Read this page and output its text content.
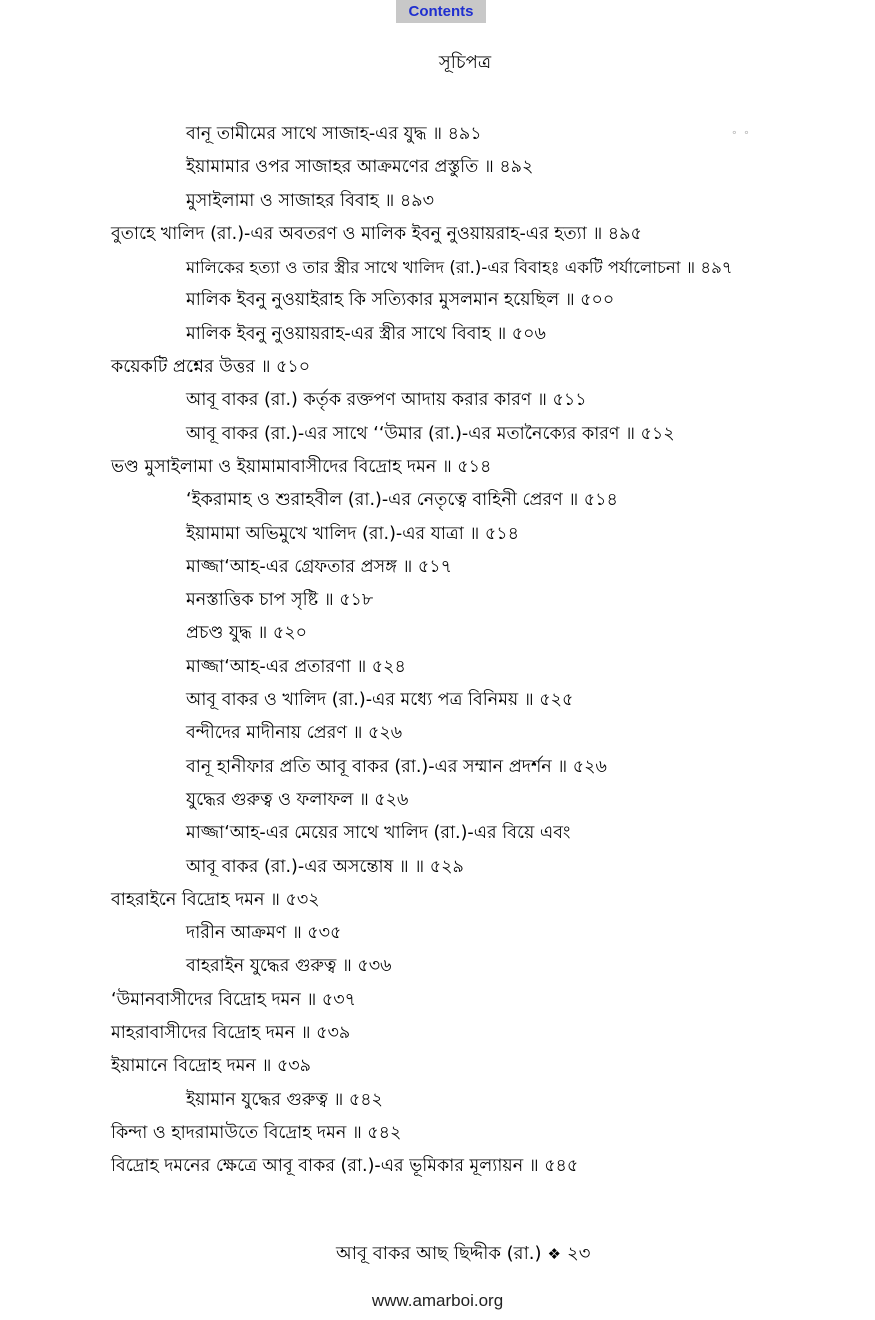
Contents
সূচিপত্র
॰ ॰
বানূ তামীমের সাথে সাজাহ-এর যুদ্ধ ॥ ৪৯১
ইয়ামামার ওপর সাজাহর আক্রমণের প্রস্তুতি ॥ ৪৯২
মুসাইলামা ও সাজাহর বিবাহ ॥ ৪৯৩
বুতাহে খালিদ (রা.)-এর অবতরণ ও মালিক ইবনু নুওয়ায়রাহ-এর হত্যা ॥ ৪৯৫
মালিকের হত্যা ও তার স্ত্রীর সাথে খালিদ (রা.)-এর বিবাহঃ একটি পর্যালোচনা ॥ ৪৯৭
মালিক ইবনু নুওয়াইরাহ কি সত্যিকার মুসলমান হয়েছিল ॥ ৫০০
মালিক ইবনু নুওয়ায়রাহ-এর স্ত্রীর সাথে বিবাহ ॥ ৫০৬
কয়েকটি প্রশ্নের উত্তর ॥ ৫১০
আবূ বাকর (রা.) কর্তৃক রক্তপণ আদায় করার কারণ ॥ ৫১১
আবূ বাকর (রা.)-এর সাথে ‘‘উমার (রা.)-এর মতানৈক্যের কারণ ॥ ৫১২
ভণ্ড মুসাইলামা ও ইয়ামামাবাসীদের বিদ্রোহ দমন ॥ ৫১৪
‘ইকরামাহ ও শুরাহবীল (রা.)-এর নেতৃত্বে বাহিনী প্রেরণ ॥ ৫১৪
ইয়ামামা অভিমুখে খালিদ (রা.)-এর যাত্রা ॥ ৫১৪
মাজ্জা‘আহ-এর গ্রেফতার প্রসঙ্গ ॥ ৫১৭
মনস্তাত্তিক চাপ সৃষ্টি ॥ ৫১৮
প্রচণ্ড যুদ্ধ ॥ ৫২০
মাজ্জা‘আহ-এর প্রতারণা ॥ ৫২৪
আবূ বাকর ও খালিদ (রা.)-এর মধ্যে পত্র বিনিময় ॥ ৫২৫
বন্দীদের মাদীনায় প্রেরণ ॥ ৫২৬
বানূ হানীফার প্রতি আবূ বাকর (রা.)-এর সম্মান প্রদর্শন ॥ ৫২৬
যুদ্ধের গুরুত্ব ও ফলাফল ॥ ৫২৬
মাজ্জা‘আহ-এর মেয়ের সাথে খালিদ (রা.)-এর বিয়ে এবং
আবূ বাকর (রা.)-এর অসন্তোষ ॥ ॥ ৫২৯
বাহরাইনে বিদ্রোহ দমন ॥ ৫৩২
দারীন আক্রমণ ॥ ৫৩৫
বাহরাইন যুদ্ধের গুরুত্ব ॥ ৫৩৬
‘উমানবাসীদের বিদ্রোহ দমন ॥ ৫৩৭
মাহরাবাসীদের বিদ্রোহ দমন ॥ ৫৩৯
ইয়ামানে বিদ্রোহ দমন ॥ ৫৩৯
ইয়ামান যুদ্ধের গুরুত্ব ॥ ৫৪২
কিন্দা ও হাদরামাউতে বিদ্রোহ দমন ॥ ৫৪২
বিদ্রোহ দমনের ক্ষেত্রে আবূ বাকর (রা.)-এর ভূমিকার মূল্যায়ন ॥ ৫৪৫
আবূ বাকর আছ ছিদ্দীক (রা.) ❖ ২৩
www.amarboi.org
